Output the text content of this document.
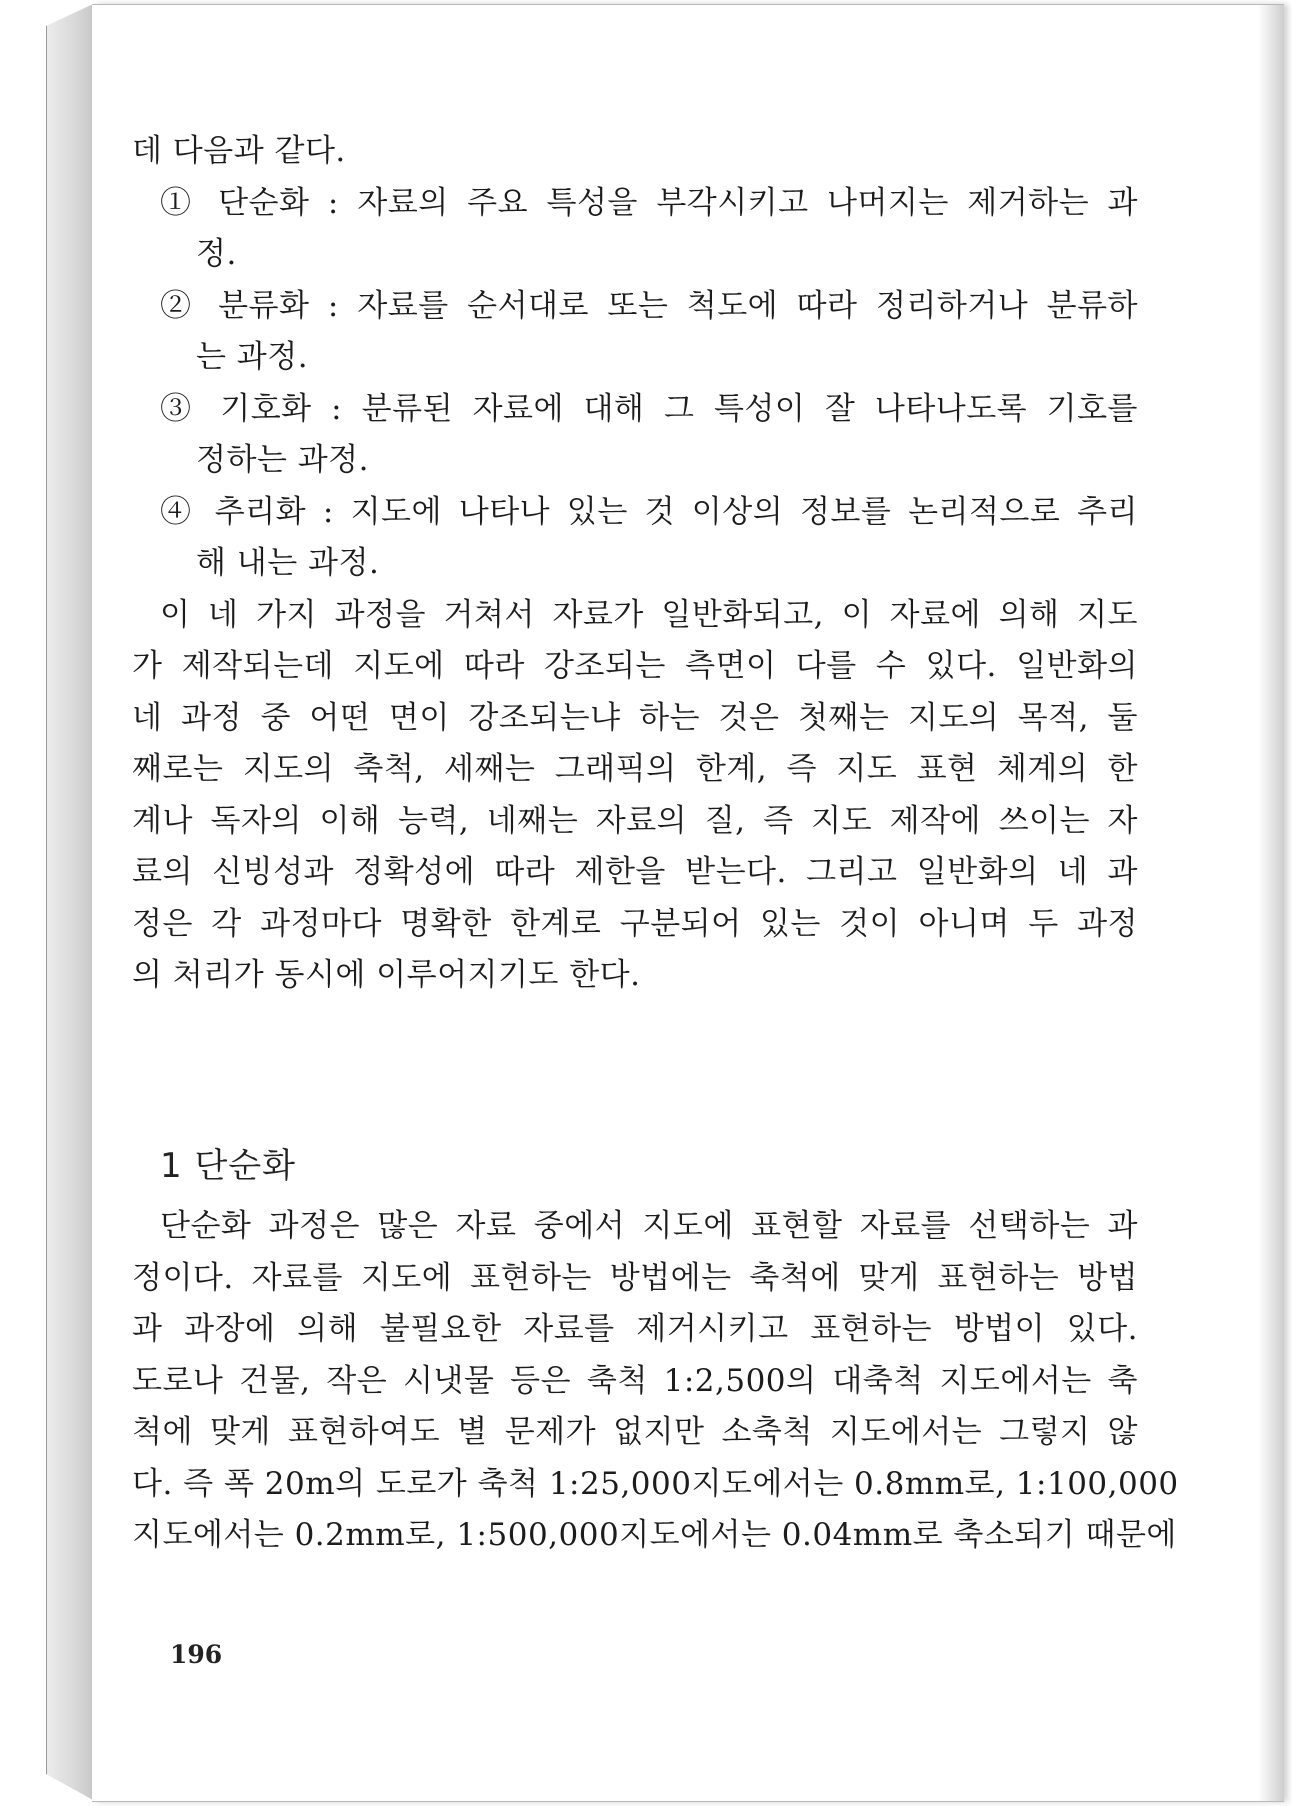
데 다음과 같다.
① 단순화 : 자료의 주요 특성을 부각시키고 나머지는 제거하는 과
정.
② 분류화 : 자료를 순서대로 또는 척도에 따라 정리하거나 분류하
는 과정.
③ 기호화 : 분류된 자료에 대해 그 특성이 잘 나타나도록 기호를
정하는 과정.
④ 추리화 : 지도에 나타나 있는 것 이상의 정보를 논리적으로 추리
해 내는 과정.
이 네 가지 과정을 거쳐서 자료가 일반화되고, 이 자료에 의해 지도
가 제작되는데 지도에 따라 강조되는 측면이 다를 수 있다. 일반화의
네 과정 중 어떤 면이 강조되는냐 하는 것은 첫째는 지도의 목적, 둘
째로는 지도의 축척, 세째는 그래픽의 한계, 즉 지도 표현 체계의 한
계나 독자의 이해 능력, 네째는 자료의 질, 즉 지도 제작에 쓰이는 자
료의 신빙성과 정확성에 따라 제한을 받는다. 그리고 일반화의 네 과
정은 각 과정마다 명확한 한계로 구분되어 있는 것이 아니며 두 과정
의 처리가 동시에 이루어지기도 한다.
1 단순화
단순화 과정은 많은 자료 중에서 지도에 표현할 자료를 선택하는 과
정이다. 자료를 지도에 표현하는 방법에는 축척에 맞게 표현하는 방법
과 과장에 의해 불필요한 자료를 제거시키고 표현하는 방법이 있다.
도로나 건물, 작은 시냇물 등은 축척 1:2,500의 대축척 지도에서는 축
척에 맞게 표현하여도 별 문제가 없지만 소축척 지도에서는 그렇지 않
다. 즉 폭 20m의 도로가 축척 1:25,000지도에서는 0.8mm로, 1:100,000
지도에서는 0.2mm로, 1:500,000지도에서는 0.04mm로 축소되기 때문에
196
